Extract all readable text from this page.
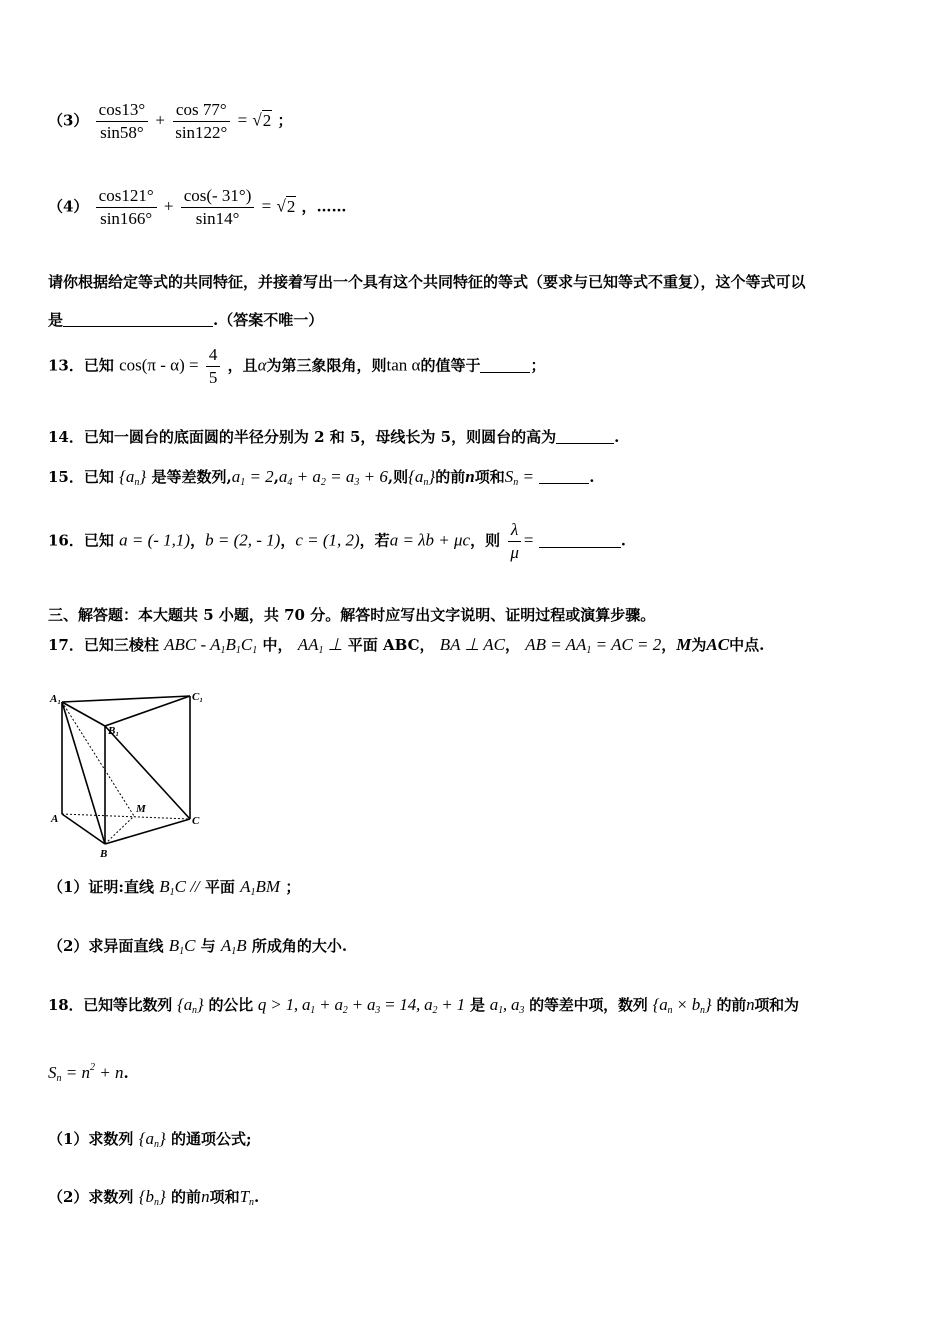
$(3) \frac{\cos 13^\circ}{\sin 58^\circ} + \frac{\cos 77^\circ}{\sin 122^\circ} = √2$ ；
$(4) \frac{\cos 121^\circ}{\sin 166^\circ} + \frac{\cos(- 31^\circ)}{\sin 14^\circ} = √2$ ，……
请你根据给定等式的共同特征，并接着写出一个具有这个共同特征的等式（要求与已知等式不重复），这个等式可以
是	.（答案不唯一）
13．已知 $\cos(\pi - \alpha) = \frac{4}{5}$ ，且α为第三象限角，则tan α的值等于	；
14．已知一圆台的底面圆的半径分别为 2 和 5，母线长为 5，则圆台的高为	.
15．已知 $\{a_n\}$ 是等差数列$,a_1 = 2,a_4 + a_2 = a_3 + 6$,则$\{a_n\}$的前n项和$S_n$ =	.
16．已知 a = (- 1,1)，b = (2, - 1)，c = (1, 2)，若a = λb + μc，则 $\frac{\lambda}{\mu}$ =	.
三、解答题：本大题共 5 小题，共 70 分。解答时应写出文字说明、证明过程或演算步骤。
17．已知三棱柱 ABC - $A_1B_1C_1$ 中， $AA_1$ ⊥ 平面 ABC， BA ⊥ AC， AB = $AA_1$ = AC = 2，M为AC中点.
A₁	C₁
B₁
A
M
C
B
（1）证明:直线 $B_1C$ // 平面 $A_1BM$ ；
（2）求异面直线 $B_1C$ 与 $A_1B$ 所成角的大小.
18．已知等比数列 $\{a_n\}$ 的公比 q > 1, $a_1 + a_2 + a_3 = 14$, $a_2 + 1$ 是 $a_1$, $a_3$ 的等差中项，数列 $\{a_n \times b_n\}$ 的前n项和为
$S_n = n^2 + n$.
（1）求数列 $\{a_n\}$ 的通项公式;
（2）求数列 $\{b_n\}$ 的前n项和$T_n$.
